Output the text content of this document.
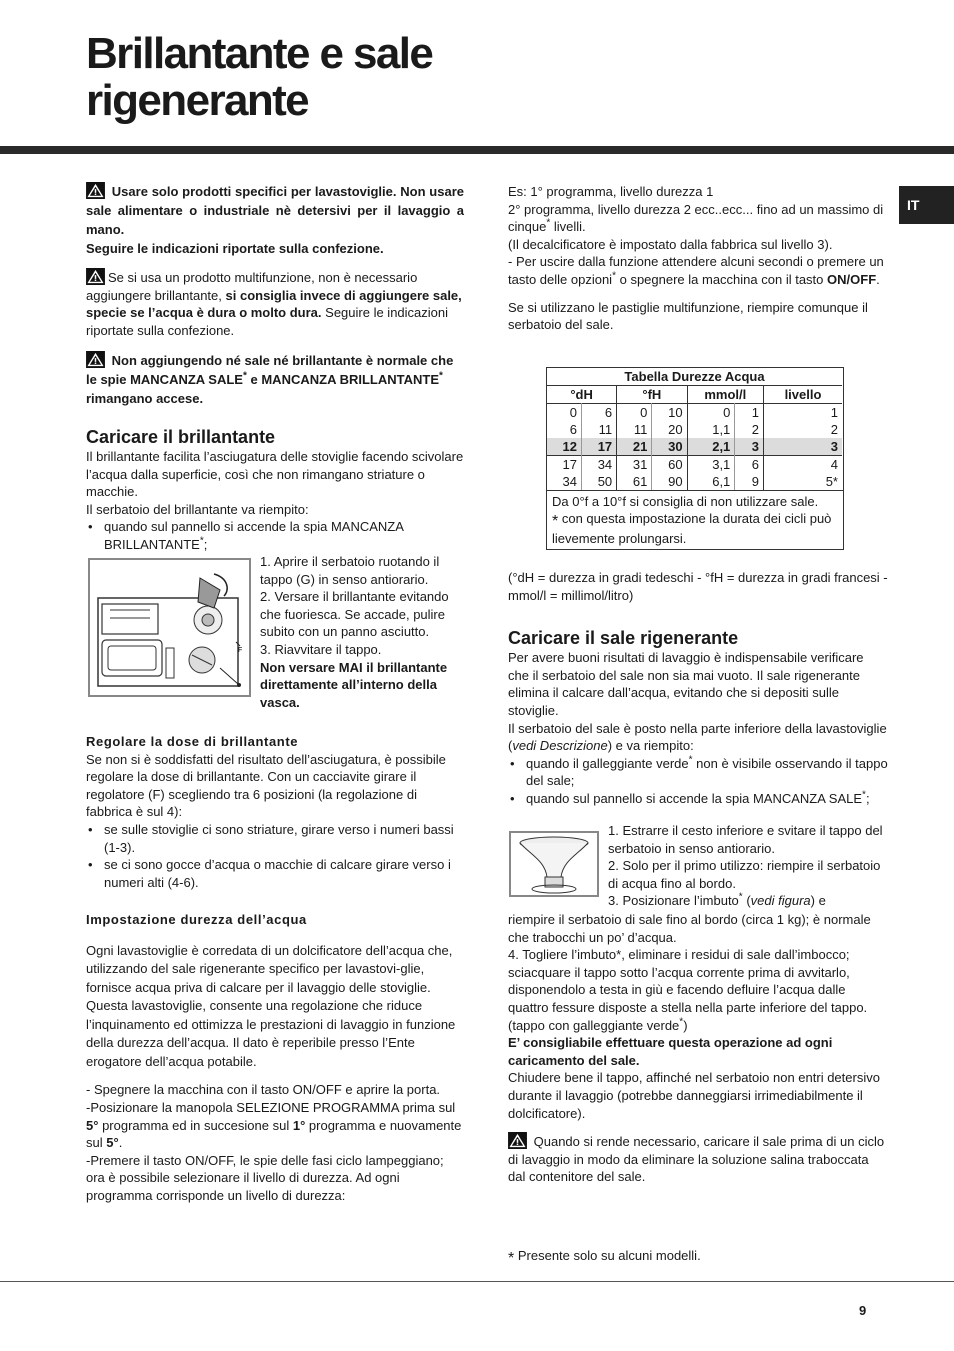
Brillantante e sale rigenerante
IT

Usare solo prodotti specifici per lavastoviglie. Non usare sale alimentare o industriale nè detersivi per il lavaggio a mano.
Seguire le indicazioni riportate sulla confezione.

Se si usa un prodotto multifunzione, non è necessario aggiungere brillantante, si consiglia invece di aggiungere sale, specie se l’acqua è dura o molto dura. Seguire le indicazioni riportate sulla confezione.

Non aggiungendo né sale né brillantante è normale che le spie MANCANZA SALE* e MANCANZA BRILLANTANTE* rimangano accese.

Caricare il brillantante

Il brillantante facilita l’asciugatura delle stoviglie facendo scivolare l’acqua dalla superficie, così che non rimangano striature o macchie.

Il serbatoio del brillantante va riempito:

• quando sul pannello si accende la spia MANCANZA BRILLANTANTE*;
F

1. Aprire il serbatoio ruotando il tappo (G) in senso antiorario.

2. Versare il brillantante evitando che fuoriesca. Se accade, pulire subito con un panno asciutto.

3. Riavvitare il tappo.

Non versare MAI il brillantante direttamente all’interno della vasca.

Regolare la dose di brillantante

Se non si è soddisfatti del risultato dell’asciugatura, è possibile regolare la dose di brillantante. Con un cacciavite girare il regolatore (F) scegliendo tra 6 posizioni (la regolazione di fabbrica è sul 4):

• se sulle stoviglie ci sono striature, girare verso i numeri bassi (1-3).
• se ci sono gocce d’acqua o macchie di calcare girare verso i numeri alti (4-6).
Impostazione durezza dell’acqua

Ogni lavastoviglie è corredata di un dolcificatore dell’acqua che, utilizzando del sale rigenerante specifico per lavastovi-glie, fornisce acqua priva di calcare per il lavaggio delle stoviglie.

Questa lavastoviglie, consente una regolazione che riduce l’inquinamento ed ottimizza le prestazioni di lavaggio in funzione della durezza dell’acqua. Il dato è reperibile presso l’Ente erogatore dell’acqua potabile.

- Spegnere la macchina con il tasto ON/OFF e aprire la porta.

-Posizionare la manopola SELEZIONE PROGRAMMA prima sul 5° programma ed in succesione sul 1° programma e nuovamente sul 5°.

-Premere il tasto ON/OFF, le spie delle fasi ciclo lampeggiano; ora è possibile selezionare il livello di durezza. Ad ogni programma corrisponde un livello di durezza:

Es: 1° programma, livello durezza 1

2° programma, livello durezza 2 ecc..ecc... fino ad un massimo di cinque* livelli.

(Il decalcificatore è impostato dalla fabbrica sul livello 3).

- Per uscire dalla funzione attendere alcuni secondi o premere un tasto delle opzioni* o spegnere la macchina con il tasto ON/OFF.

Se si utilizzano le pastiglie multifunzione, riempire comunque il serbatoio del sale.

Tabella Durezze Acqua						
°dH		°fH		mmol/l		livello
0	6	0	10	0	1	1
6	11	11	20	1,1	2	2
12	17	21	30	2,1	3	3
17	34	31	60	3,1	6	4
34	50	61	90	6,1	9	5*
Da 0°f a 10°f si consiglia di non utilizzare sale.
* con questa impostazione la durata dei cicli può lievemente prolungarsi.

(°dH = durezza in gradi tedeschi - °fH = durezza in gradi francesi - mmol/l = millimol/litro)

Caricare il sale rigenerante

Per avere buoni risultati di lavaggio è indispensabile verificare che il serbatoio del sale non sia mai vuoto. Il sale rigenerante elimina il calcare dall’acqua, evitando che si depositi sulle stoviglie.

Il serbatoio del sale è posto nella parte inferiore della lavastoviglie (vedi Descrizione) e va riempito:

• quando il galleggiante verde* non è visibile osservando il tappo del sale;
• quando sul pannello si accende la spia MANCANZA SALE*;

1. Estrarre il cesto inferiore e svitare il tappo del serbatoio in senso antiorario.

2. Solo per il primo utilizzo: riempire il serbatoio di acqua fino al bordo.

3. Posizionare l’imbuto* (vedi figura) e

riempire il serbatoio di sale fino al bordo (circa 1 kg); è normale che trabocchi un po’ d’acqua.

4. Togliere l’imbuto*, eliminare i residui di sale dall’imbocco; sciacquare il tappo sotto l’acqua corrente prima di avvitarlo, disponendolo a testa in giù e facendo defluire l’acqua dalle quattro fessure disposte a stella nella parte inferiore del tappo. (tappo con galleggiante verde*)

E’ consigliabile effettuare questa operazione ad ogni caricamento del sale.

Chiudere bene il tappo, affinché nel serbatoio non entri detersivo durante il lavaggio (potrebbe danneggiarsi irrimediabilmente il dolcificatore).

Quando si rende necessario, caricare il sale prima di un ciclo di lavaggio in modo da eliminare la soluzione salina traboccata dal contenitore del sale.

* Presente solo su alcuni modelli.

9
